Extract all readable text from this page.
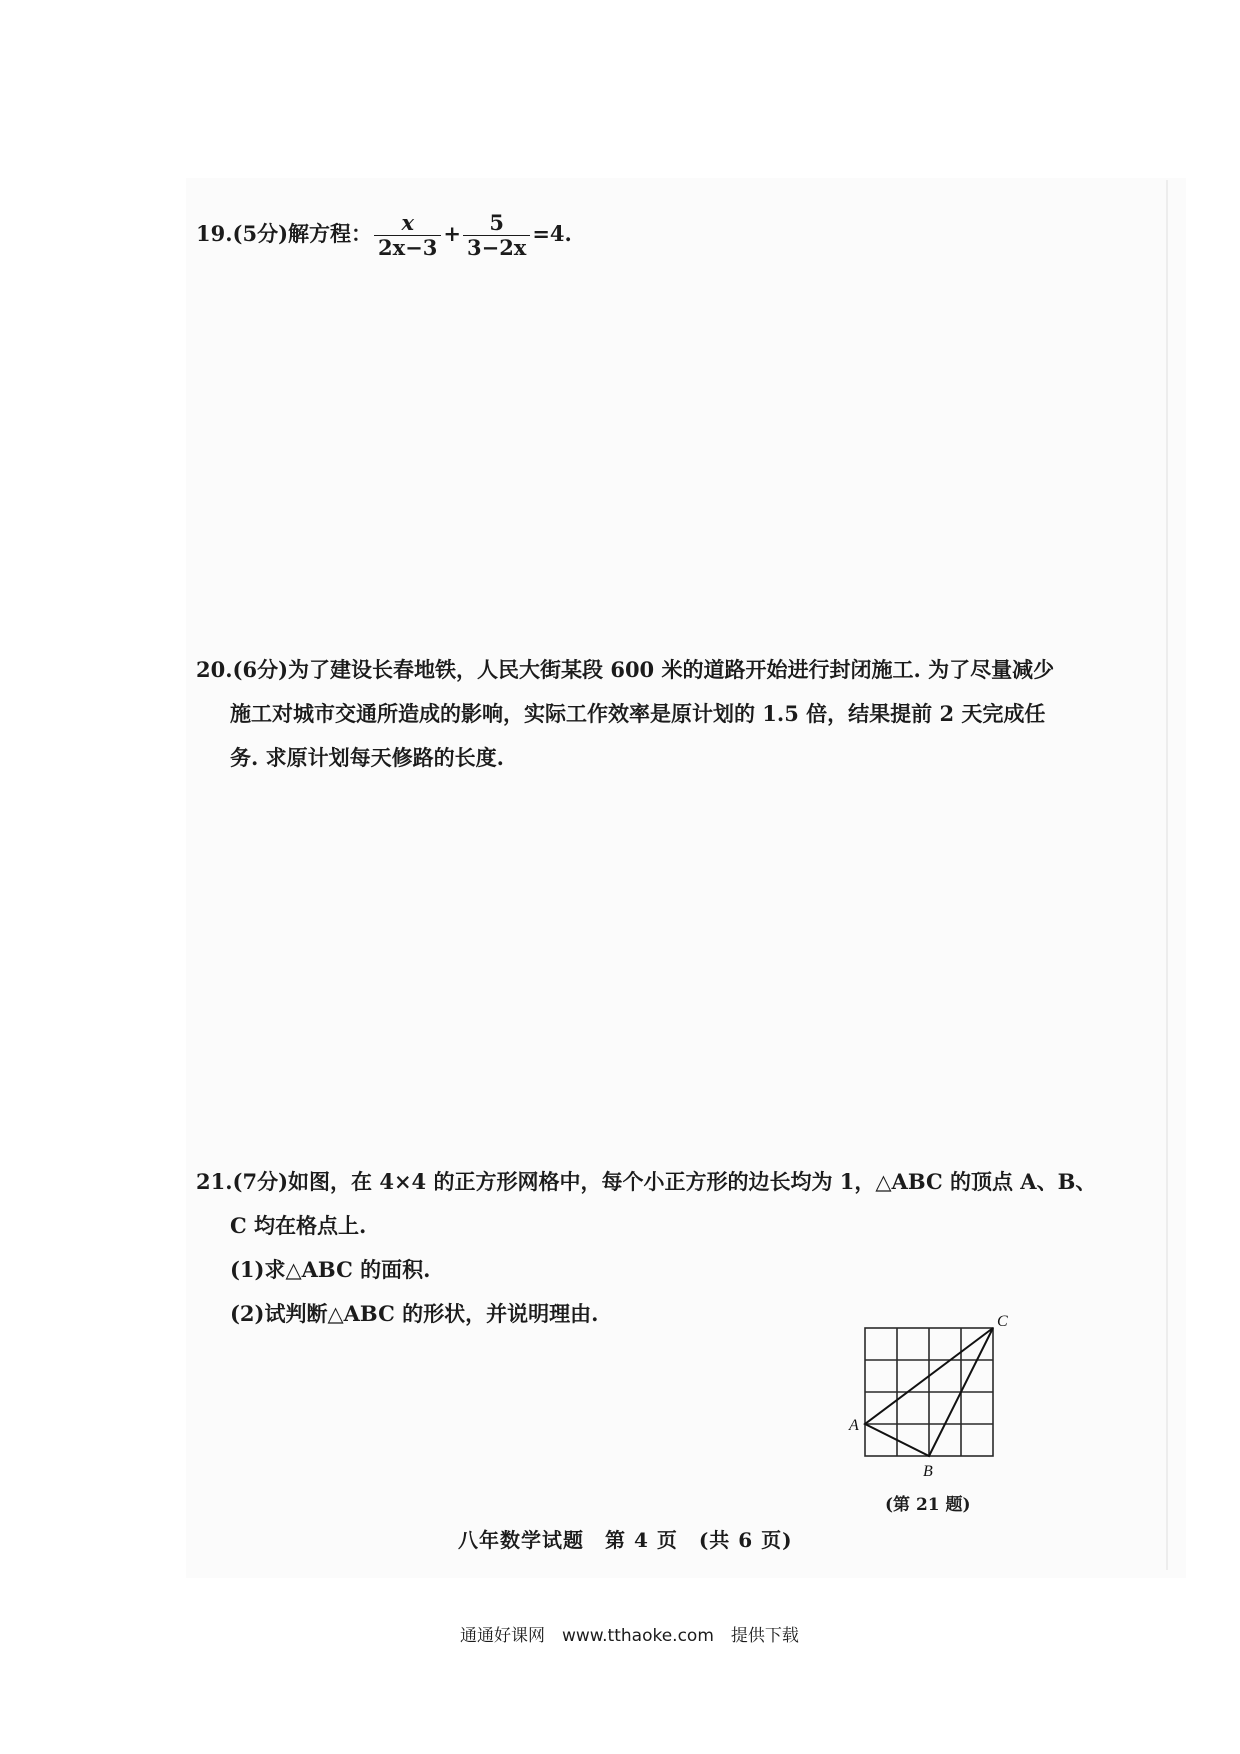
19.(5分)解方程： $\frac{x}{2x-3} + \frac{5}{3-2x} =4$.
20.(6分)为了建设长春地铁，人民大街某段 600 米的道路开始进行封闭施工. 为了尽量减少
施工对城市交通所造成的影响，实际工作效率是原计划的 1.5 倍，结果提前 2 天完成任
务. 求原计划每天修路的长度.
21.(7分)如图，在 4×4 的正方形网格中，每个小正方形的边长均为 1，△ABC 的顶点 A、B、
C 均在格点上.
(1)求△ABC 的面积.
(2)试判断△ABC 的形状，并说明理由.
A
B
C
(第 21 题)
八年数学试题　第 4 页　(共 6 页)
通通好课网　www.tthaoke.com　提供下载
